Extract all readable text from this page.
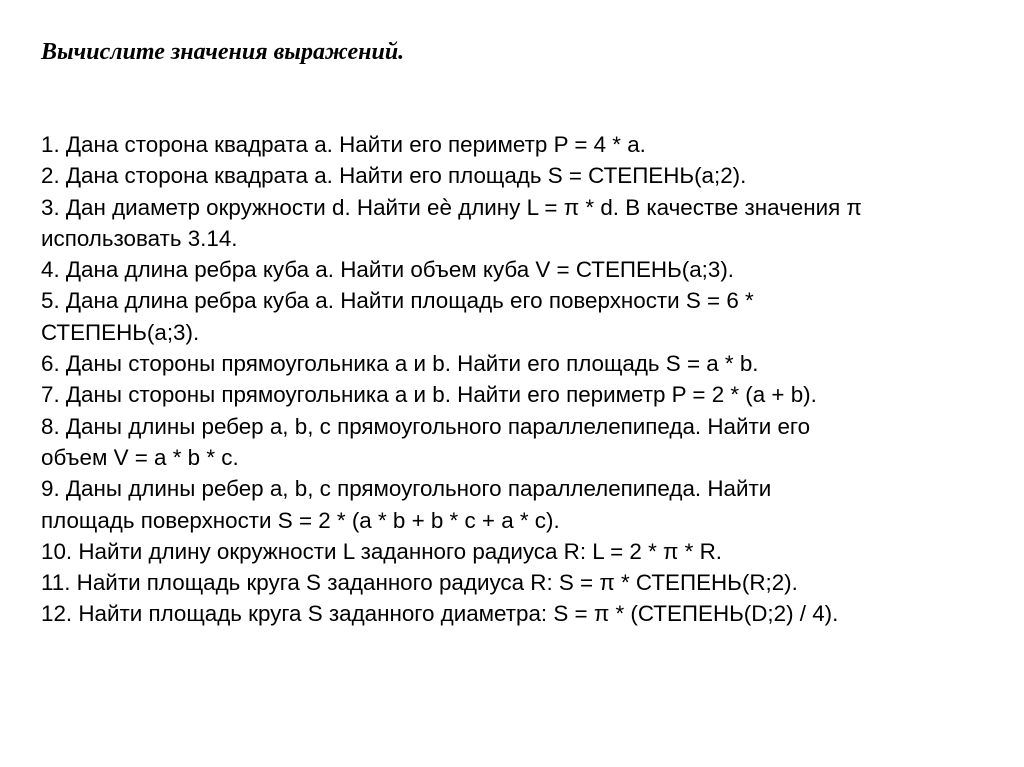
Вычислите значения выражений.
1. Дана сторона квадрата а. Найти его периметр P = 4 * а.
2. Дана сторона квадрата а. Найти его площадь S = СТЕПЕНЬ(а;2).
3. Дан диаметр окружности d. Найти еѐ длину L = π * d. В качестве значения π
использовать 3.14.
4. Дана длина ребра куба а. Найти объем куба V = СТЕПЕНЬ(а;3).
5. Дана длина ребра куба а. Найти площадь его поверхности S = 6 *
СТЕПЕНЬ(а;3).
6. Даны стороны прямоугольника a и b. Найти его площадь S = a * b.
7. Даны стороны прямоугольника a и b. Найти его периметр P = 2 * (a + b).
8. Даны длины ребер a, b, c прямоугольного параллелепипеда. Найти его
объем V = a * b * c.
9. Даны длины ребер a, b, c прямоугольного параллелепипеда. Найти
площадь поверхности S = 2 * (a * b + b * c + a * c).
10. Найти длину окружности L заданного радиуса R: L = 2 * π * R.
11. Найти площадь круга S заданного радиуса R: S = π * СТЕПЕНЬ(R;2).
12. Найти площадь круга S заданного диаметра: S = π * (СТЕПЕНЬ(D;2) / 4).
